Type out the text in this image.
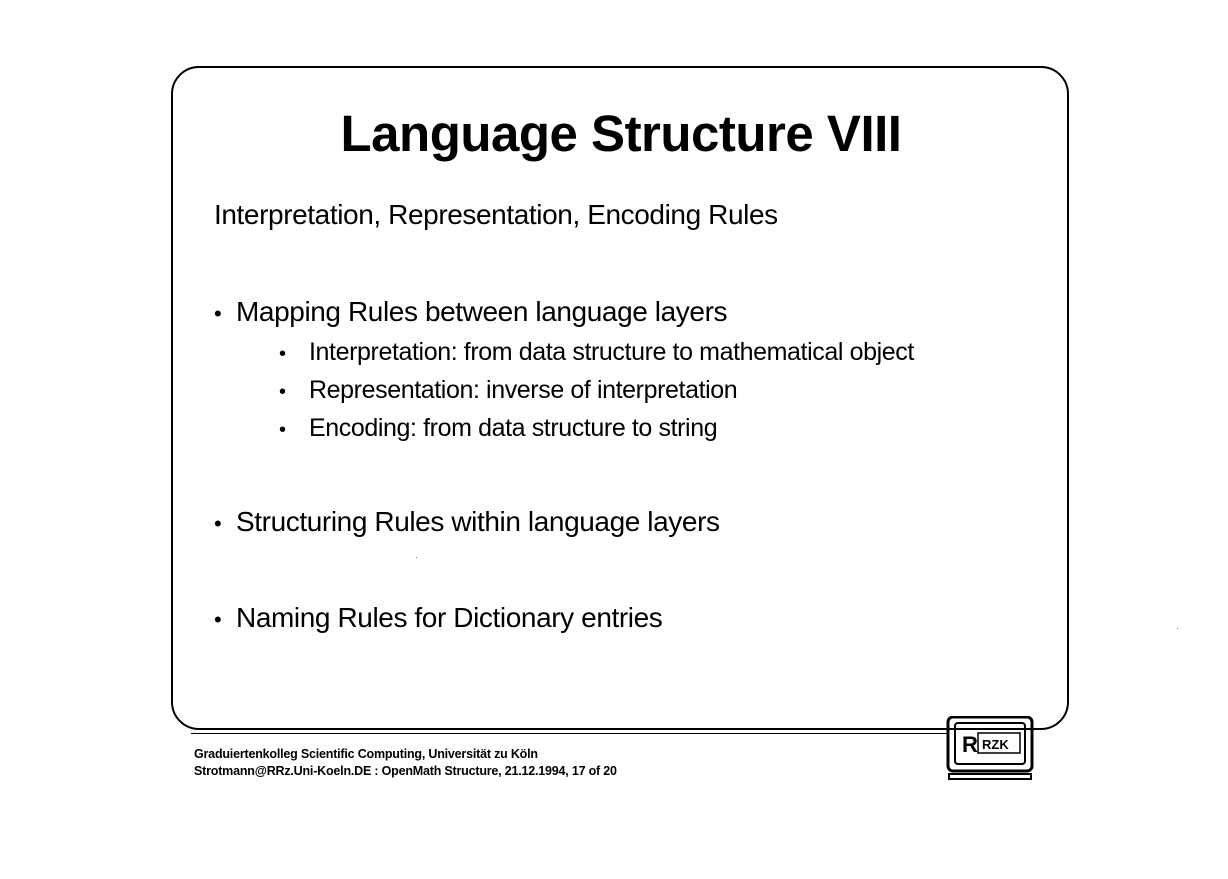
Language Structure VIII
Interpretation, Representation, Encoding Rules
• Mapping Rules between language layers
• Interpretation: from data structure to mathematical object
• Representation: inverse of interpretation
• Encoding: from data structure to string
• Structuring Rules within language layers
• Naming Rules for Dictionary entries
Graduiertenkolleg Scientific Computing, Universität zu Köln
Strotmann@RRz.Uni-Koeln.DE : OpenMath Structure, 21.12.1994, 17 of 20
R RZK
